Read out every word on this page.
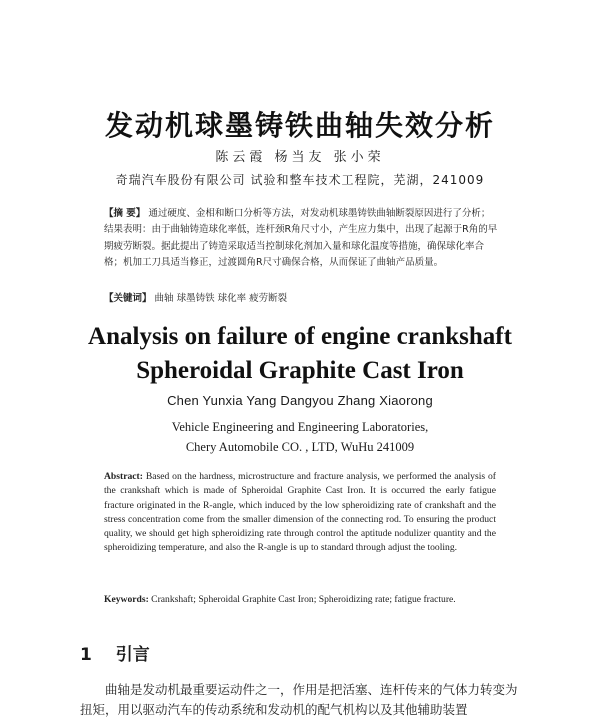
发动机球墨铸铁曲轴失效分析
陈云霞 杨当友 张小荣
奇瑞汽车股份有限公司 试验和整车技术工程院，芜湖，241009
【摘 要】 通过硬度、金相和断口分析等方法，对发动机球墨铸铁曲轴断裂原因进行了分析；结果表明：由于曲轴铸造球化率低，连杆颈R角尺寸小，产生应力集中，出现了起源于R角的早期疲劳断裂。据此提出了铸造采取适当控制球化剂加入量和球化温度等措施，确保球化率合格；机加工刀具适当修正，过渡圆角R尺寸确保合格，从而保证了曲轴产品质量。
【关键词】 曲轴 球墨铸铁 球化率 疲劳断裂
Analysis on failure of engine crankshaft
Spheroidal Graphite Cast Iron
Chen Yunxia Yang Dangyou Zhang Xiaorong
Vehicle Engineering and Engineering Laboratories,
Chery Automobile CO. , LTD, WuHu 241009
Abstract: Based on the hardness, microstructure and fracture analysis, we performed the analysis of the crankshaft which is made of Spheroidal Graphite Cast Iron. It is occurred the early fatigue fracture originated in the R-angle, which induced by the low spheroidizing rate of crankshaft and the stress concentration come from the smaller dimension of the connecting rod. To ensuring the product quality, we should get high spheroidizing rate through control the aptitude nodulizer quantity and the spheroidizing temperature, and also the R-angle is up to standard through adjust the tooling.
Keywords: Crankshaft; Spheroidal Graphite Cast Iron; Spheroidizing rate; fatigue fracture.
1 引言
曲轴是发动机最重要运动件之一，作用是把活塞、连杆传来的气体力转变为扭矩，用以驱动汽车的传动系统和发动机的配气机构以及其他辅助装置
